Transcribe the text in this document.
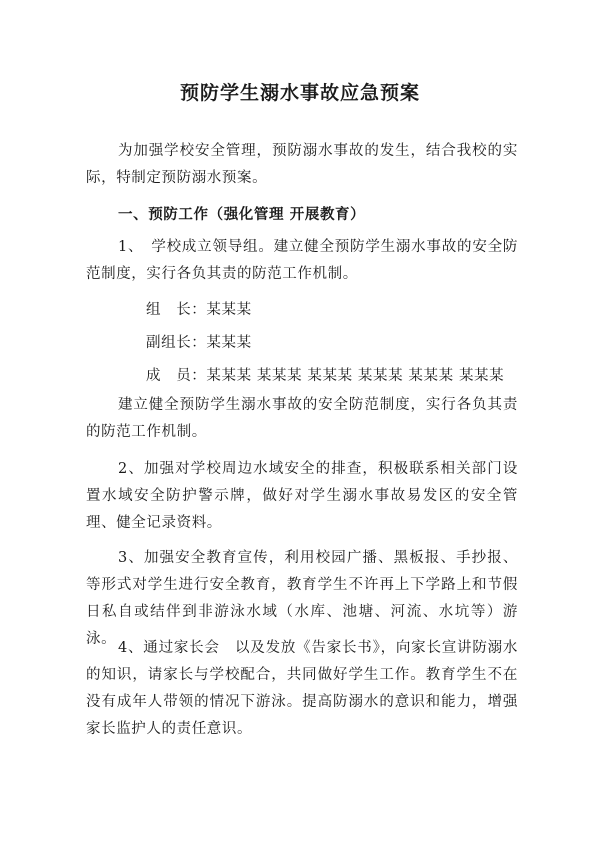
预防学生溺水事故应急预案

为加强学校安全管理，预防溺水事故的发生，结合我校的实际，特制定预防溺水预案。

一、预防工作（强化管理 开展教育）

1、　学校成立领导组。建立健全预防学生溺水事故的安全防范制度，实行各负其责的防范工作机制。

组　长：某某某
副组长：某某某
成　员：某某某 某某某 某某某 某某某 某某某 某某某

建立健全预防学生溺水事故的安全防范制度，实行各负其责的防范工作机制。

2、加强对学校周边水域安全的排查，积极联系相关部门设置水域安全防护警示牌，做好对学生溺水事故易发区的安全管理、健全记录资料。

3、加强安全教育宣传，利用校园广播、黑板报、手抄报、等形式对学生进行安全教育，教育学生不许再上下学路上和节假日私自或结伴到非游泳水域（水库、池塘、河流、水坑等）游泳。

4、通过家长会　以及发放《告家长书》，向家长宣讲防溺水的知识，请家长与学校配合，共同做好学生工作。教育学生不在没有成年人带领的情况下游泳。提高防溺水的意识和能力，增强家长监护人的责任意识。
